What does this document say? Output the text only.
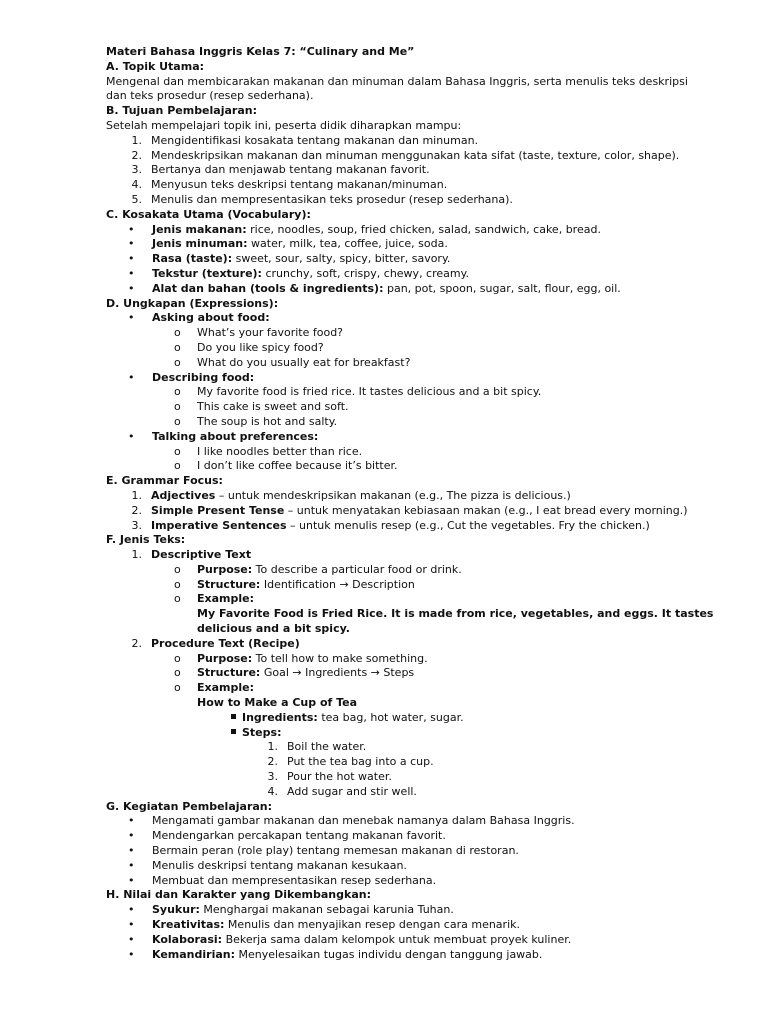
Materi Bahasa Inggris Kelas 7: “Culinary and Me”
A. Topik Utama:
Mengenal dan membicarakan makanan dan minuman dalam Bahasa Inggris, serta menulis teks deskripsi
dan teks prosedur (resep sederhana).
B. Tujuan Pembelajaran:
Setelah mempelajari topik ini, peserta didik diharapkan mampu:
1. Mengidentifikasi kosakata tentang makanan dan minuman.
2. Mendeskripsikan makanan dan minuman menggunakan kata sifat (taste, texture, color, shape).
3. Bertanya dan menjawab tentang makanan favorit.
4. Menyusun teks deskripsi tentang makanan/minuman.
5. Menulis dan mempresentasikan teks prosedur (resep sederhana).
C. Kosakata Utama (Vocabulary):
•	Jenis makanan: rice, noodles, soup, fried chicken, salad, sandwich, cake, bread.
•	Jenis minuman: water, milk, tea, coffee, juice, soda.
•	Rasa (taste): sweet, sour, salty, spicy, bitter, savory.
•	Tekstur (texture): crunchy, soft, crispy, chewy, creamy.
•	Alat dan bahan (tools & ingredients): pan, pot, spoon, sugar, salt, flour, egg, oil.
D. Ungkapan (Expressions):
•	Asking about food:
o	What’s your favorite food?
o	Do you like spicy food?
o	What do you usually eat for breakfast?
•	Describing food:
o	My favorite food is fried rice. It tastes delicious and a bit spicy.
o	This cake is sweet and soft.
o	The soup is hot and salty.
•	Talking about preferences:
o	I like noodles better than rice.
o	I don’t like coffee because it’s bitter.
E. Grammar Focus:
1. Adjectives – untuk mendeskripsikan makanan (e.g., The pizza is delicious.)
2. Simple Present Tense – untuk menyatakan kebiasaan makan (e.g., I eat bread every morning.)
3. Imperative Sentences – untuk menulis resep (e.g., Cut the vegetables. Fry the chicken.)
F. Jenis Teks:
1. Descriptive Text
o	Purpose: To describe a particular food or drink.
o	Structure: Identification → Description
o	Example:
My Favorite Food is Fried Rice. It is made from rice, vegetables, and eggs. It tastes
delicious and a bit spicy.
2. Procedure Text (Recipe)
o	Purpose: To tell how to make something.
o	Structure: Goal → Ingredients → Steps
o	Example:
How to Make a Cup of Tea
Ingredients: tea bag, hot water, sugar.
Steps:
1. Boil the water.
2. Put the tea bag into a cup.
3. Pour the hot water.
4. Add sugar and stir well.
G. Kegiatan Pembelajaran:
•	Mengamati gambar makanan dan menebak namanya dalam Bahasa Inggris.
•	Mendengarkan percakapan tentang makanan favorit.
•	Bermain peran (role play) tentang memesan makanan di restoran.
•	Menulis deskripsi tentang makanan kesukaan.
•	Membuat dan mempresentasikan resep sederhana.
H. Nilai dan Karakter yang Dikembangkan:
•	Syukur: Menghargai makanan sebagai karunia Tuhan.
•	Kreativitas: Menulis dan menyajikan resep dengan cara menarik.
•	Kolaborasi: Bekerja sama dalam kelompok untuk membuat proyek kuliner.
•	Kemandirian: Menyelesaikan tugas individu dengan tanggung jawab.
